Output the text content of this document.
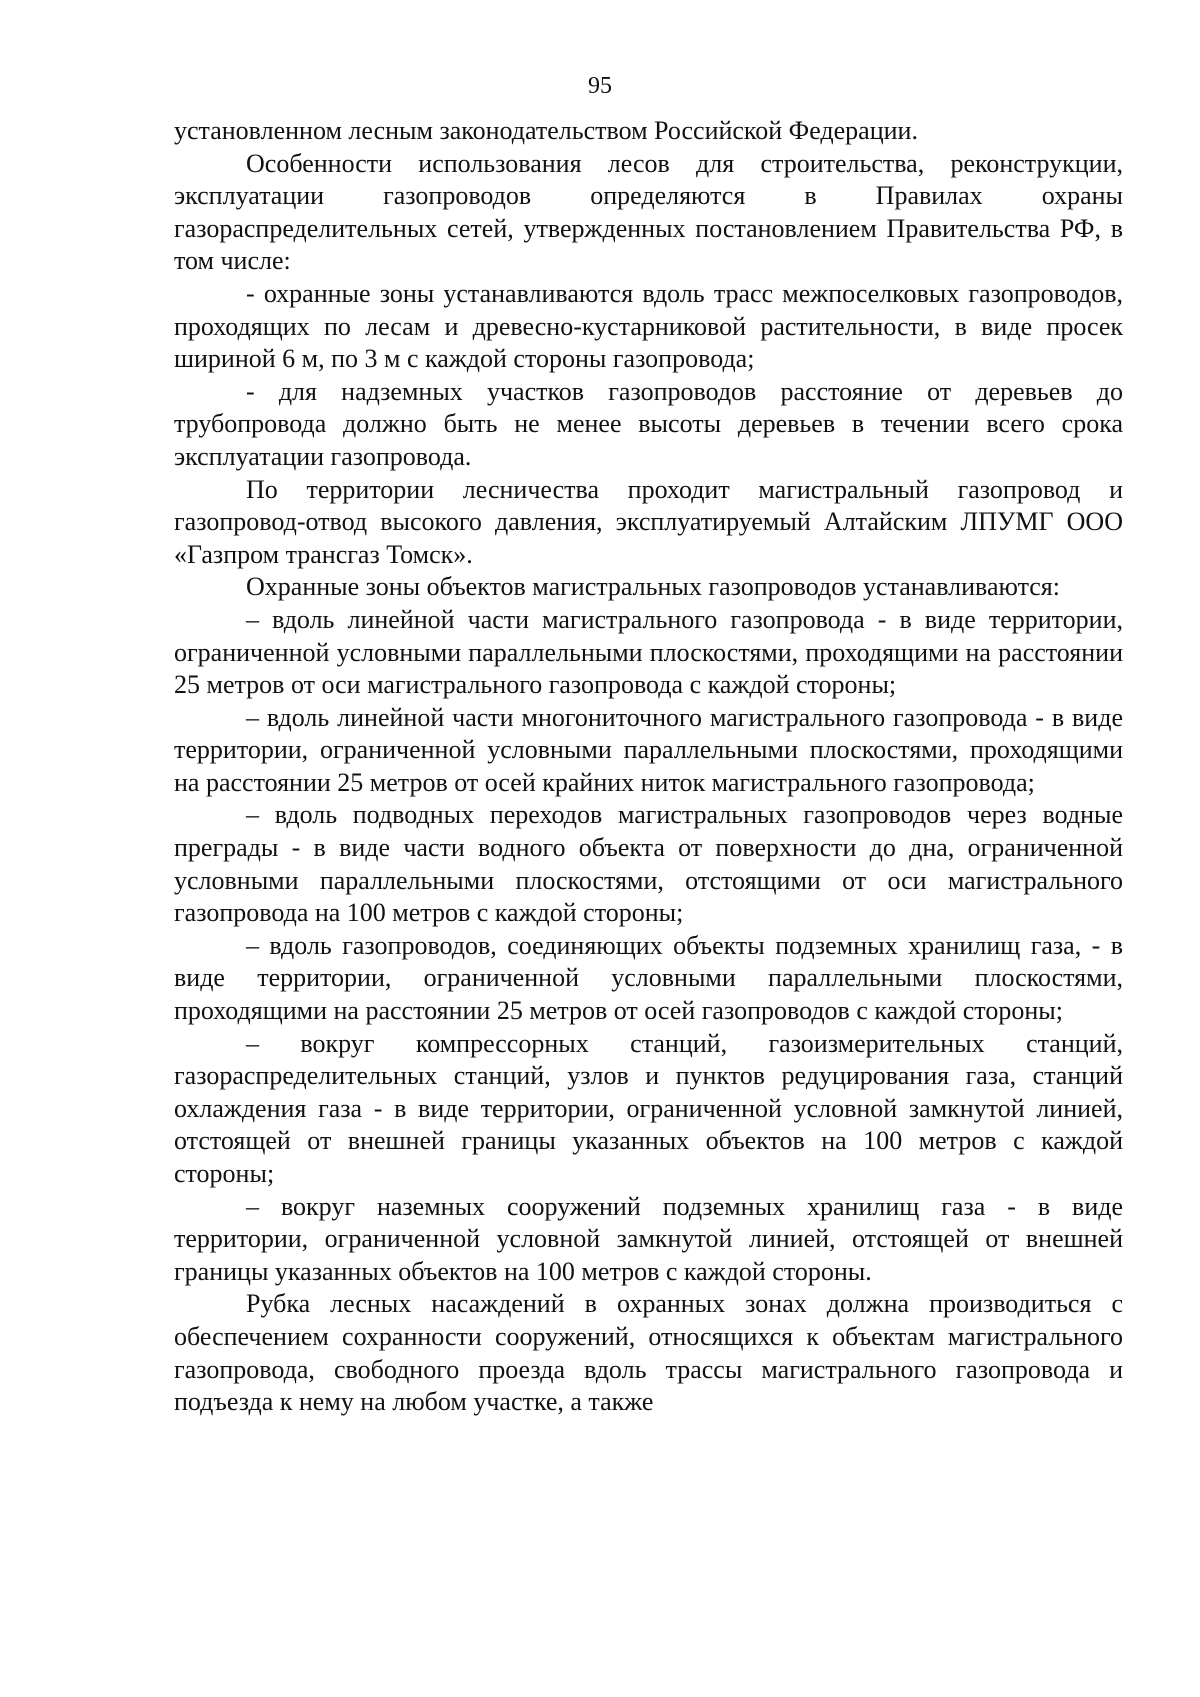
95

установленном лесным законодательством Российской Федерации.

Особенности использования лесов для строительства, реконструкции, эксплуатации газопроводов определяются в Правилах охраны газораспределительных сетей, утвержденных постановлением Правительства РФ, в том числе:

- охранные зоны устанавливаются вдоль трасс межпоселковых газопроводов, проходящих по лесам и древесно-кустарниковой растительности, в виде просек шириной 6 м, по 3 м с каждой стороны газопровода;

- для надземных участков газопроводов расстояние от деревьев до трубопровода должно быть не менее высоты деревьев в течении всего срока эксплуатации газопровода.

По территории лесничества проходит магистральный газопровод и газопровод-отвод высокого давления, эксплуатируемый Алтайским ЛПУМГ ООО «Газпром трансгаз Томск».

Охранные зоны объектов магистральных газопроводов устанавливаются:

– вдоль линейной части магистрального газопровода - в виде территории, ограниченной условными параллельными плоскостями, проходящими на расстоянии 25 метров от оси магистрального газопровода с каждой стороны;

– вдоль линейной части многониточного магистрального газопровода - в виде территории, ограниченной условными параллельными плоскостями, проходящими на расстоянии 25 метров от осей крайних ниток магистрального газопровода;

– вдоль подводных переходов магистральных газопроводов через водные преграды - в виде части водного объекта от поверхности до дна, ограниченной условными параллельными плоскостями, отстоящими от оси магистрального газопровода на 100 метров с каждой стороны;

– вдоль газопроводов, соединяющих объекты подземных хранилищ газа, - в виде территории, ограниченной условными параллельными плоскостями, проходящими на расстоянии 25 метров от осей газопроводов с каждой стороны;

– вокруг компрессорных станций, газоизмерительных станций, газораспределительных станций, узлов и пунктов редуцирования газа, станций охлаждения газа - в виде территории, ограниченной условной замкнутой линией, отстоящей от внешней границы указанных объектов на 100 метров с каждой стороны;

– вокруг наземных сооружений подземных хранилищ газа - в виде территории, ограниченной условной замкнутой линией, отстоящей от внешней границы указанных объектов на 100 метров с каждой стороны.

Рубка лесных насаждений в охранных зонах должна производиться с обеспечением сохранности сооружений, относящихся к объектам магистрального газопровода, свободного проезда вдоль трассы магистрального газопровода и подъезда к нему на любом участке, а также
